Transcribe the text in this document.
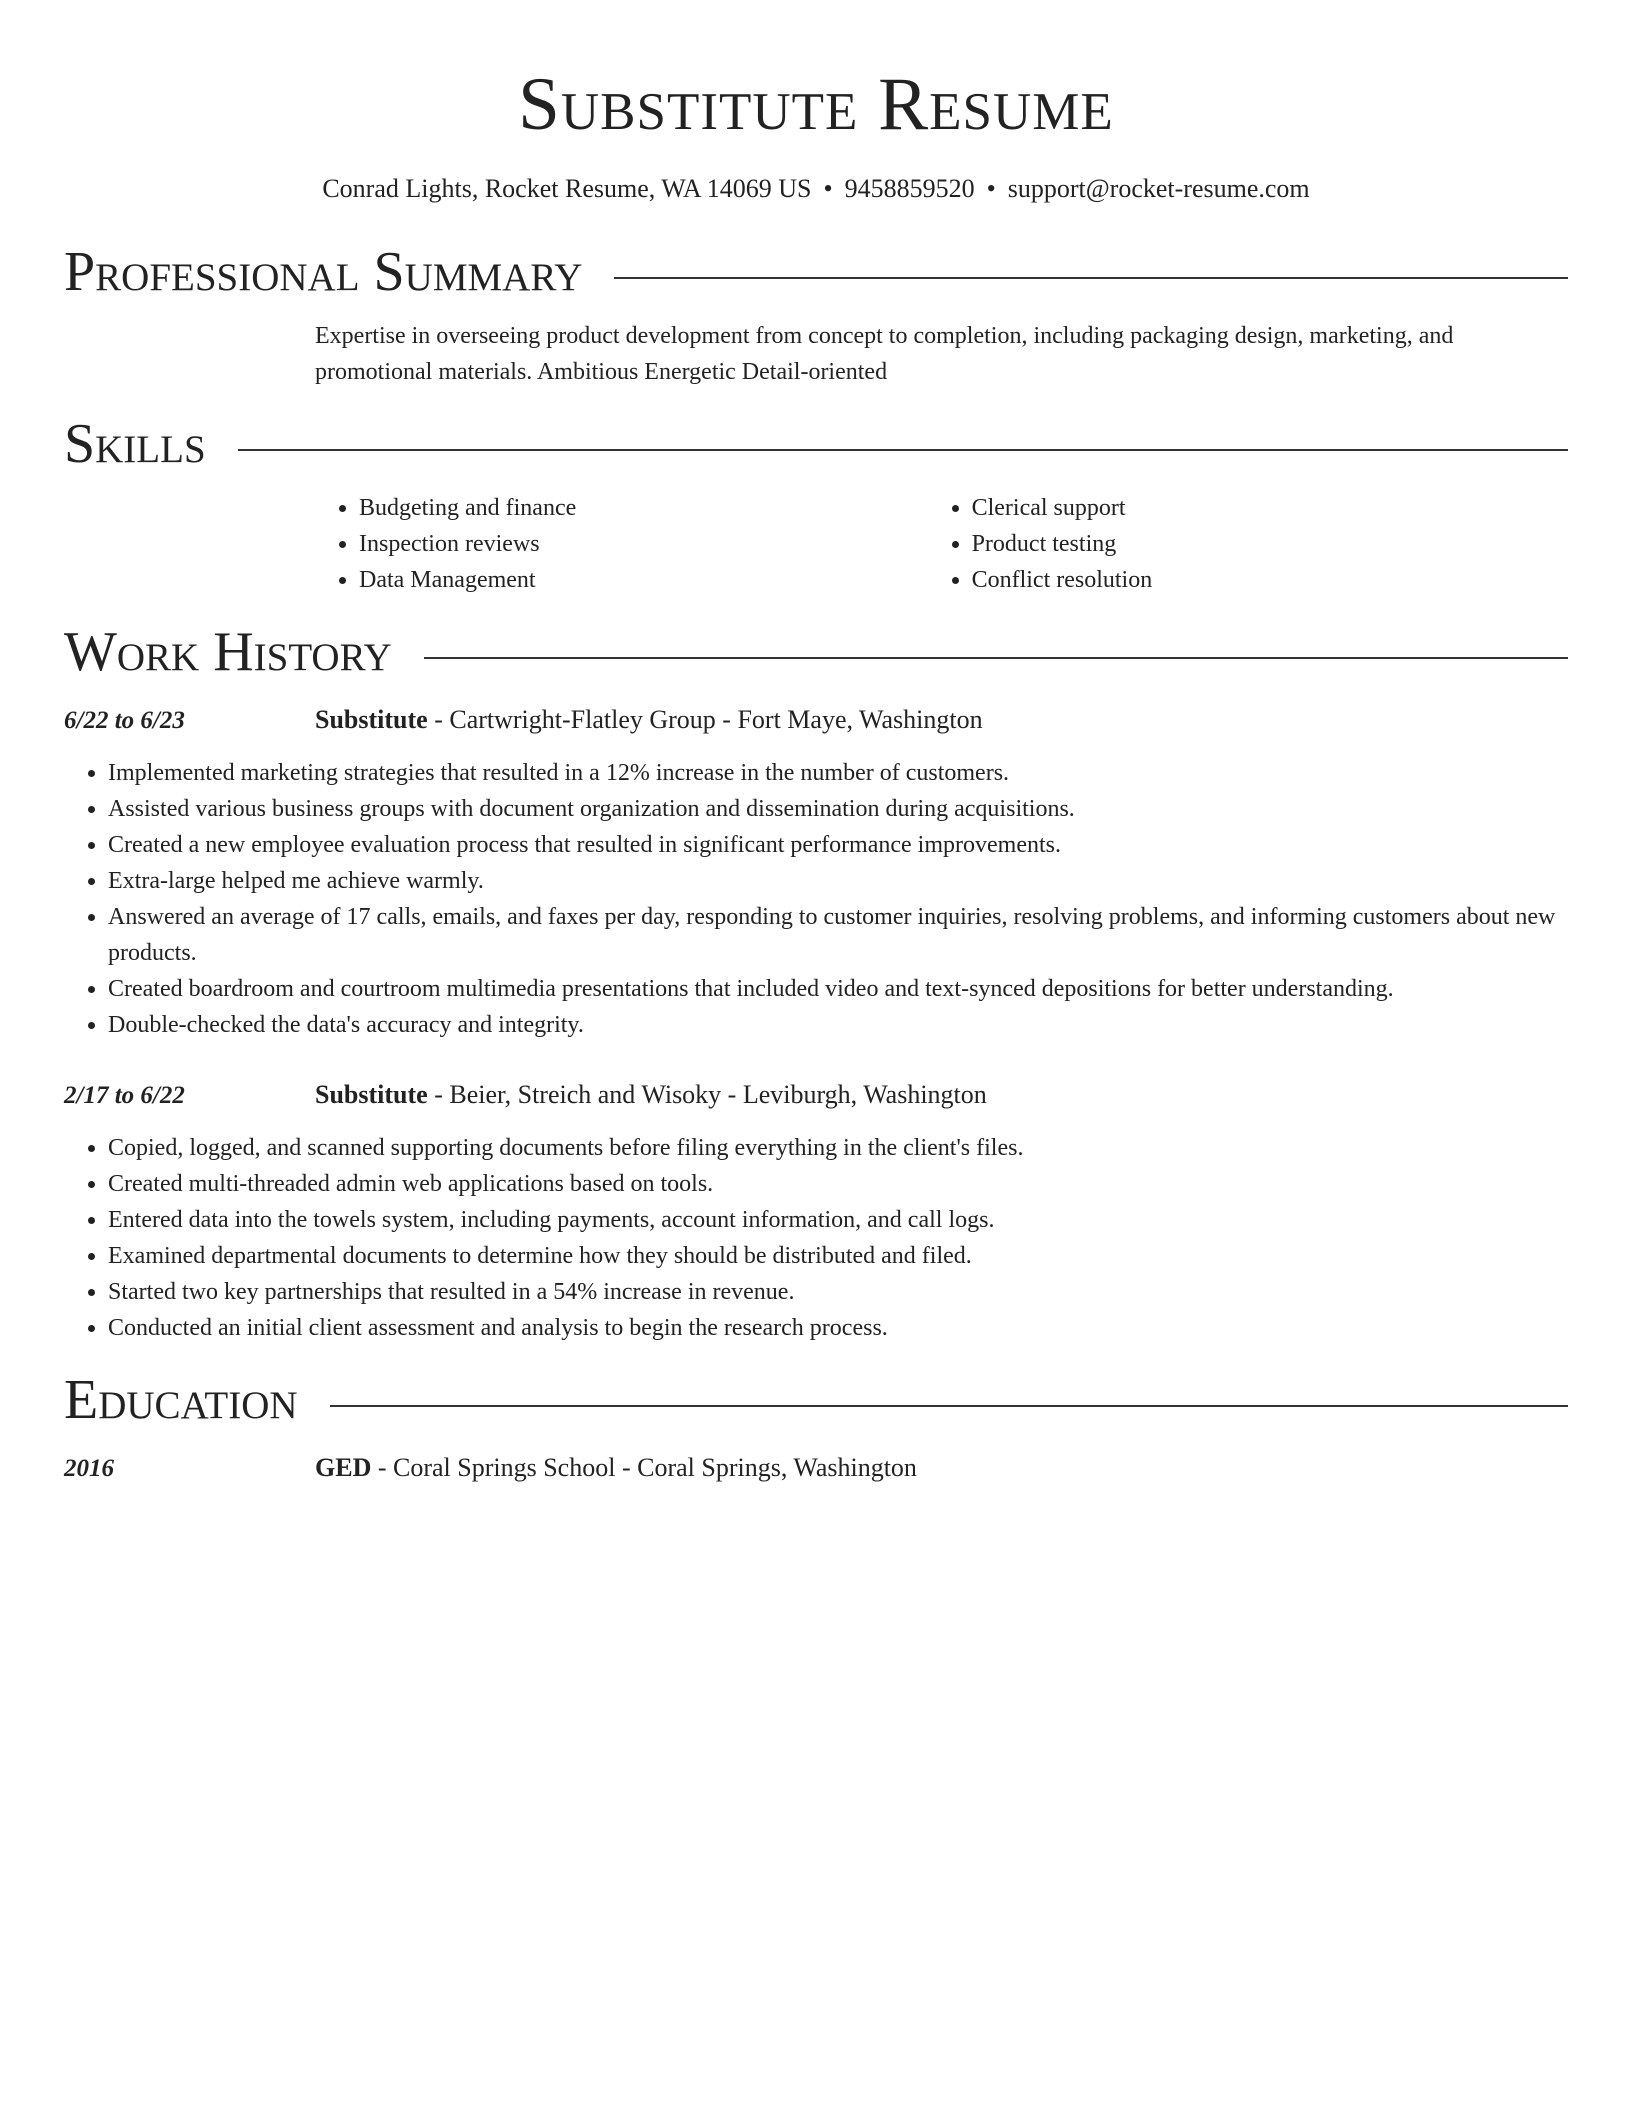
Substitute Resume
Conrad Lights, Rocket Resume, WA 14069 US • 9458859520 • support@rocket-resume.com
Professional Summary
Expertise in overseeing product development from concept to completion, including packaging design, marketing, and promotional materials. Ambitious Energetic Detail-oriented
Skills
• Budgeting and finance
• Inspection reviews
• Data Management
• Clerical support
• Product testing
• Conflict resolution
Work History
6/22 to 6/23	Substitute - Cartwright-Flatley Group - Fort Maye, Washington
• Implemented marketing strategies that resulted in a 12% increase in the number of customers.
• Assisted various business groups with document organization and dissemination during acquisitions.
• Created a new employee evaluation process that resulted in significant performance improvements.
• Extra-large helped me achieve warmly.
• Answered an average of 17 calls, emails, and faxes per day, responding to customer inquiries, resolving problems, and informing customers about new products.
• Created boardroom and courtroom multimedia presentations that included video and text-synced depositions for better understanding.
• Double-checked the data's accuracy and integrity.
2/17 to 6/22	Substitute - Beier, Streich and Wisoky - Leviburgh, Washington
• Copied, logged, and scanned supporting documents before filing everything in the client's files.
• Created multi-threaded admin web applications based on tools.
• Entered data into the towels system, including payments, account information, and call logs.
• Examined departmental documents to determine how they should be distributed and filed.
• Started two key partnerships that resulted in a 54% increase in revenue.
• Conducted an initial client assessment and analysis to begin the research process.
Education
2016	GED - Coral Springs School - Coral Springs, Washington
